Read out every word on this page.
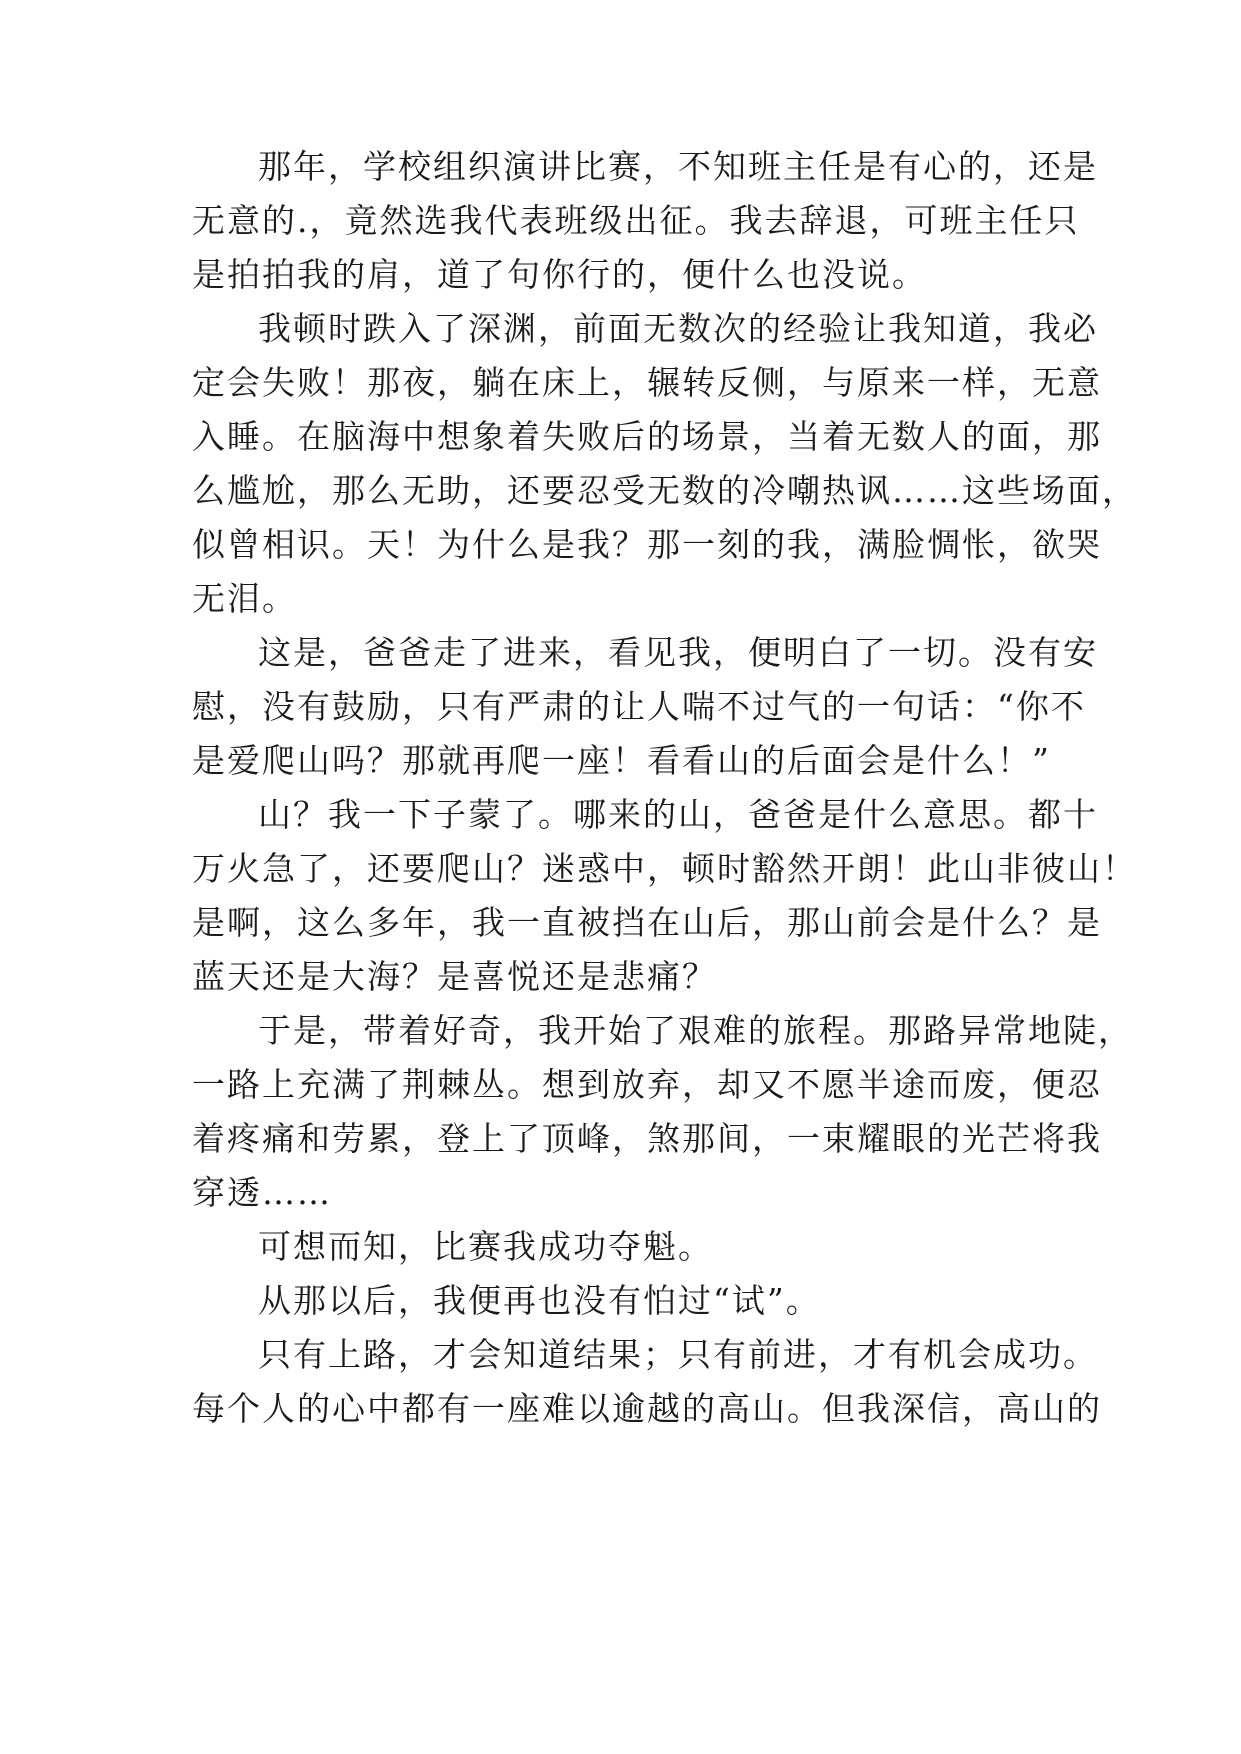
那年，学校组织演讲比赛，不知班主任是有心的，还是
无意的.，竟然选我代表班级出征。我去辞退，可班主任只
是拍拍我的肩，道了句你行的，便什么也没说。
我顿时跌入了深渊，前面无数次的经验让我知道，我必
定会失败！那夜，躺在床上，辗转反侧，与原来一样，无意
入睡。在脑海中想象着失败后的场景，当着无数人的面，那
么尴尬，那么无助，还要忍受无数的冷嘲热讽……这些场面，
似曾相识。天！为什么是我？那一刻的我，满脸惆怅，欲哭
无泪。
这是，爸爸走了进来，看见我，便明白了一切。没有安
慰，没有鼓励，只有严肃的让人喘不过气的一句话：“你不
是爱爬山吗？那就再爬一座！看看山的后面会是什么！”
山？我一下子蒙了。哪来的山，爸爸是什么意思。都十
万火急了，还要爬山？迷惑中，顿时豁然开朗！此山非彼山！
是啊，这么多年，我一直被挡在山后，那山前会是什么？是
蓝天还是大海？是喜悦还是悲痛？
于是，带着好奇，我开始了艰难的旅程。那路异常地陡，
一路上充满了荆棘丛。想到放弃，却又不愿半途而废，便忍
着疼痛和劳累，登上了顶峰，煞那间，一束耀眼的光芒将我
穿透……
可想而知，比赛我成功夺魁。
从那以后，我便再也没有怕过“试”。
只有上路，才会知道结果；只有前进，才有机会成功。
每个人的心中都有一座难以逾越的高山。但我深信，高山的
